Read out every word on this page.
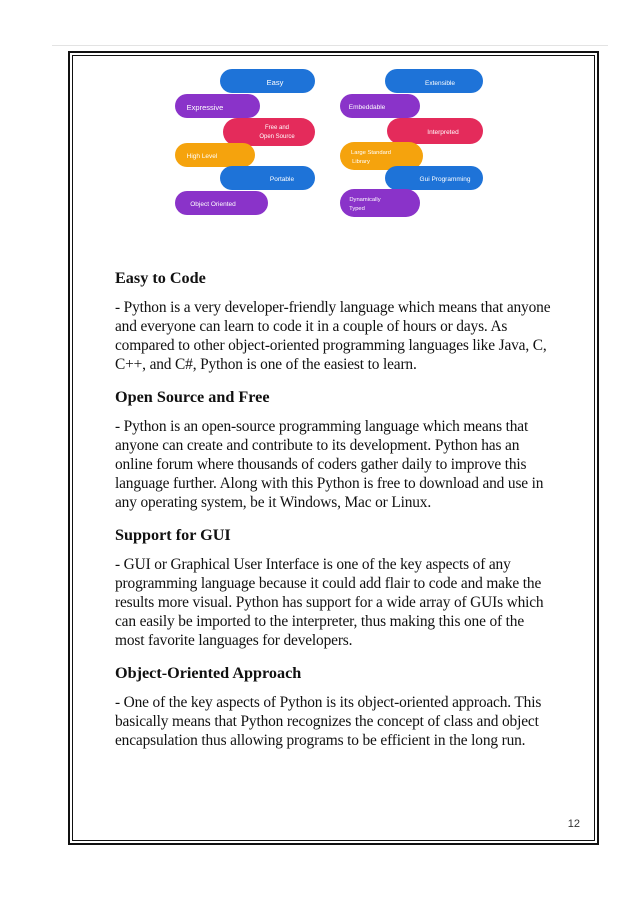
Easy
Expressive
Free and
Open Source
High Level
Portable
Object Oriented
Extensible
Embeddable
Interpreted
Large Standard
Library
Gui Programming
Dynamically
Typed
Easy to Code

- Python is a very developer-friendly language which means that anyone and everyone can learn to code it in a couple of hours or days. As compared to other object-oriented programming languages like Java, C, C++, and C#, Python is one of the easiest to learn.

Open Source and Free

- Python is an open-source programming language which means that anyone can create and contribute to its development. Python has an online forum where thousands of coders gather daily to improve this language further. Along with this Python is free to download and use in any operating system, be it Windows, Mac or Linux.

Support for GUI

- GUI or Graphical User Interface is one of the key aspects of any programming language because it could add flair to code and make the results more visual. Python has support for a wide array of GUIs which can easily be imported to the interpreter, thus making this one of the most favorite languages for developers.

Object-Oriented Approach

- One of the key aspects of Python is its object-oriented approach. This basically means that Python recognizes the concept of class and object encapsulation thus allowing programs to be efficient in the long run.

12
